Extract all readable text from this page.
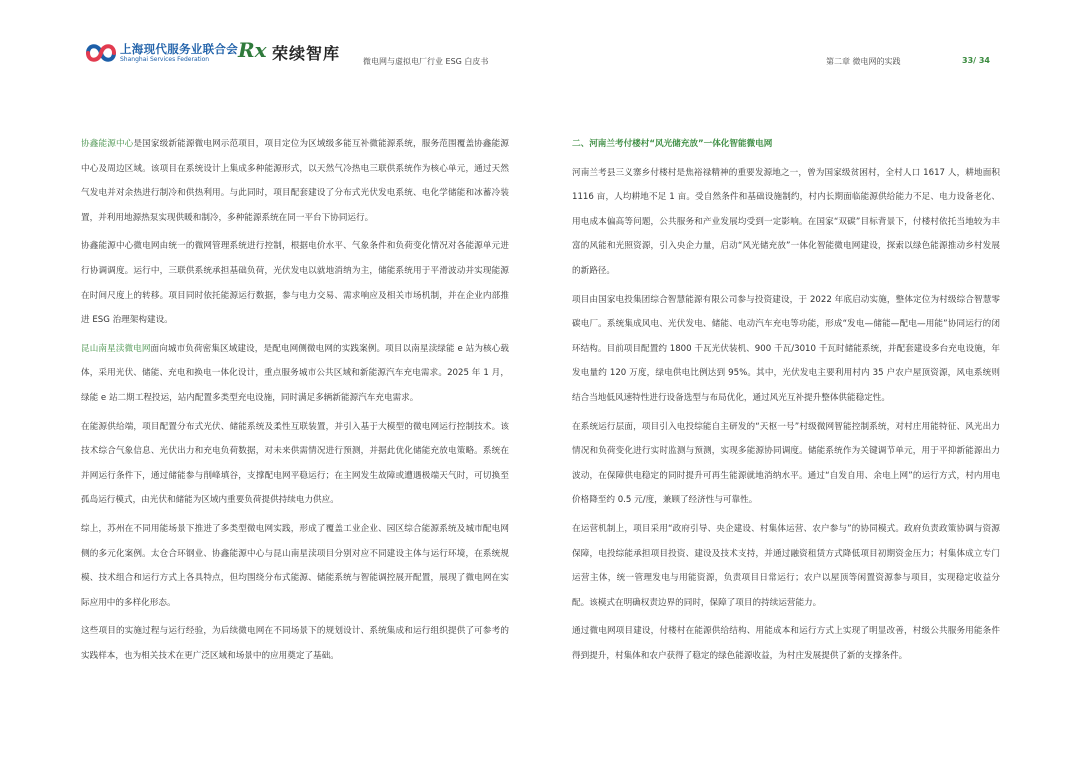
上海现代服务业联合会
Shanghai Services Federation Rx 荣续智库	微电网与虚拟电厂行业 ESG 白皮书	第二章 微电网的实践	33/ 34

协鑫能源中心是国家级新能源微电网示范项目，项目定位为区域级多能互补微能源系统，服务范围覆盖协鑫能源中心及周边区域。该项目在系统设计上集成多种能源形式，以天然气冷热电三联供系统作为核心单元，通过天然气发电并对余热进行制冷和供热利用。与此同时，项目配套建设了分布式光伏发电系统、电化学储能和冰蓄冷装置，并利用地源热泵实现供暖和制冷，多种能源系统在同一平台下协同运行。

协鑫能源中心微电网由统一的微网管理系统进行控制，根据电价水平、气象条件和负荷变化情况对各能源单元进行协调调度。运行中，三联供系统承担基础负荷，光伏发电以就地消纳为主，储能系统用于平滑波动并实现能源在时间尺度上的转移。项目同时依托能源运行数据，参与电力交易、需求响应及相关市场机制，并在企业内部推进 ESG 治理架构建设。

昆山南星渎微电网面向城市负荷密集区域建设，是配电网侧微电网的实践案例。项目以南星渎绿能 e 站为核心载体，采用光伏、储能、充电和换电一体化设计，重点服务城市公共区域和新能源汽车充电需求。2025 年 1 月，绿能 e 站二期工程投运，站内配置多类型充电设施，同时满足多辆新能源汽车充电需求。

在能源供给端，项目配置分布式光伏、储能系统及柔性互联装置，并引入基于大模型的微电网运行控制技术。该技术综合气象信息、光伏出力和充电负荷数据，对未来供需情况进行预测，并据此优化储能充放电策略。系统在并网运行条件下，通过储能参与削峰填谷，支撑配电网平稳运行；在主网发生故障或遭遇极端天气时，可切换至孤岛运行模式，由光伏和储能为区域内重要负荷提供持续电力供应。

综上，苏州在不同用能场景下推进了多类型微电网实践，形成了覆盖工业企业、园区综合能源系统及城市配电网侧的多元化案例。太仓合环钢业、协鑫能源中心与昆山南星渎项目分别对应不同建设主体与运行环境，在系统规模、技术组合和运行方式上各具特点，但均围绕分布式能源、储能系统与智能调控展开配置，展现了微电网在实际应用中的多样化形态。

这些项目的实施过程与运行经验，为后续微电网在不同场景下的规划设计、系统集成和运行组织提供了可参考的实践样本，也为相关技术在更广泛区域和场景中的应用奠定了基础。

二、河南兰考付楼村“风光储充放”一体化智能微电网

河南兰考县三义寨乡付楼村是焦裕禄精神的重要发源地之一，曾为国家级贫困村，全村人口 1617 人，耕地面积 1116 亩，人均耕地不足 1 亩。受自然条件和基础设施制约，村内长期面临能源供给能力不足、电力设备老化、用电成本偏高等问题，公共服务和产业发展均受到一定影响。在国家“双碳”目标背景下，付楼村依托当地较为丰富的风能和光照资源，引入央企力量，启动“风光储充放”一体化智能微电网建设，探索以绿色能源推动乡村发展的新路径。

项目由国家电投集团综合智慧能源有限公司参与投资建设，于 2022 年底启动实施，整体定位为村级综合智慧零碳电厂。系统集成风电、光伏发电、储能、电动汽车充电等功能，形成“发电—储能—配电—用能”协同运行的闭环结构。目前项目配置约 1800 千瓦光伏装机、900 千瓦/3010 千瓦时储能系统，并配套建设多台充电设施，年发电量约 120 万度，绿电供电比例达到 95%。其中，光伏发电主要利用村内 35 户农户屋顶资源，风电系统则结合当地低风速特性进行设备选型与布局优化，通过风光互补提升整体供能稳定性。

在系统运行层面，项目引入电投综能自主研发的“天枢一号”村级微网智能控制系统，对村庄用能特征、风光出力情况和负荷变化进行实时监测与预测，实现多能源协同调度。储能系统作为关键调节单元，用于平抑新能源出力波动，在保障供电稳定的同时提升可再生能源就地消纳水平。通过“自发自用、余电上网”的运行方式，村内用电价格降至约 0.5 元/度，兼顾了经济性与可靠性。

在运营机制上，项目采用“政府引导、央企建设、村集体运营、农户参与”的协同模式。政府负责政策协调与资源保障，电投综能承担项目投资、建设及技术支持，并通过融资租赁方式降低项目初期资金压力；村集体成立专门运营主体，统一管理发电与用能资源，负责项目日常运行；农户以屋顶等闲置资源参与项目，实现稳定收益分配。该模式在明确权责边界的同时，保障了项目的持续运营能力。

通过微电网项目建设，付楼村在能源供给结构、用能成本和运行方式上实现了明显改善，村级公共服务用能条件得到提升，村集体和农户获得了稳定的绿色能源收益，为村庄发展提供了新的支撑条件。
